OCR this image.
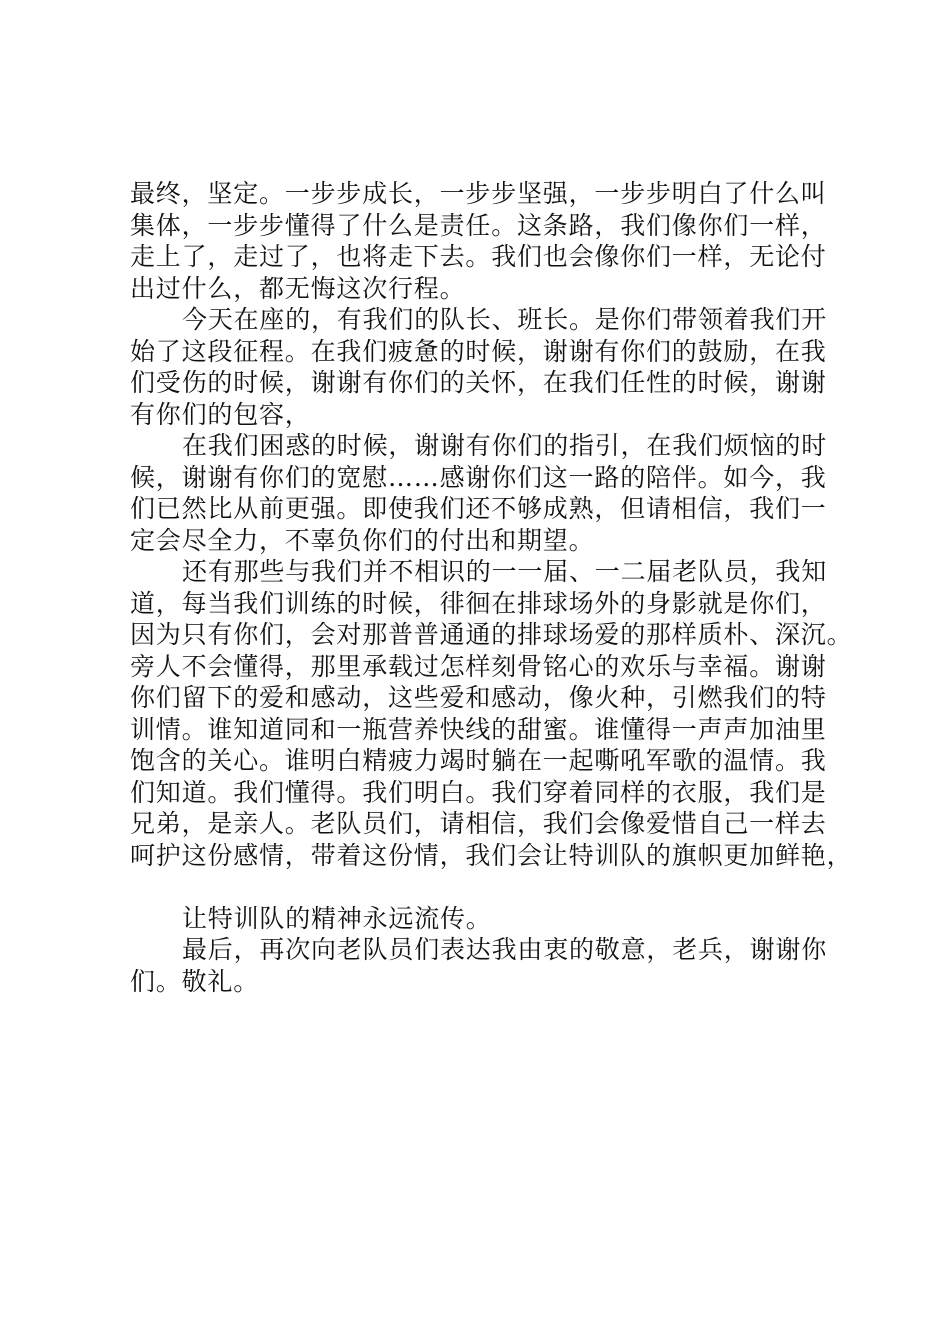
最终，坚定。一步步成长，一步步坚强，一步步明白了什么叫
集体，一步步懂得了什么是责任。这条路，我们像你们一样，
走上了，走过了，也将走下去。我们也会像你们一样，无论付
出过什么，都无悔这次行程。
今天在座的，有我们的队长、班长。是你们带领着我们开
始了这段征程。在我们疲惫的时候，谢谢有你们的鼓励，在我
们受伤的时候，谢谢有你们的关怀，在我们任性的时候，谢谢
有你们的包容，
在我们困惑的时候，谢谢有你们的指引，在我们烦恼的时
候，谢谢有你们的宽慰……感谢你们这一路的陪伴。如今，我
们已然比从前更强。即使我们还不够成熟，但请相信，我们一
定会尽全力，不辜负你们的付出和期望。
还有那些与我们并不相识的一一届、一二届老队员，我知
道，每当我们训练的时候，徘徊在排球场外的身影就是你们，
因为只有你们，会对那普普通通的排球场爱的那样质朴、深沉。
旁人不会懂得，那里承载过怎样刻骨铭心的欢乐与幸福。谢谢
你们留下的爱和感动，这些爱和感动，像火种，引燃我们的特
训情。谁知道同和一瓶营养快线的甜蜜。谁懂得一声声加油里
饱含的关心。谁明白精疲力竭时躺在一起嘶吼军歌的温情。我
们知道。我们懂得。我们明白。我们穿着同样的衣服，我们是
兄弟，是亲人。老队员们，请相信，我们会像爱惜自己一样去
呵护这份感情，带着这份情，我们会让特训队的旗帜更加鲜艳，
让特训队的精神永远流传。
最后，再次向老队员们表达我由衷的敬意，老兵，谢谢你
们。敬礼。
